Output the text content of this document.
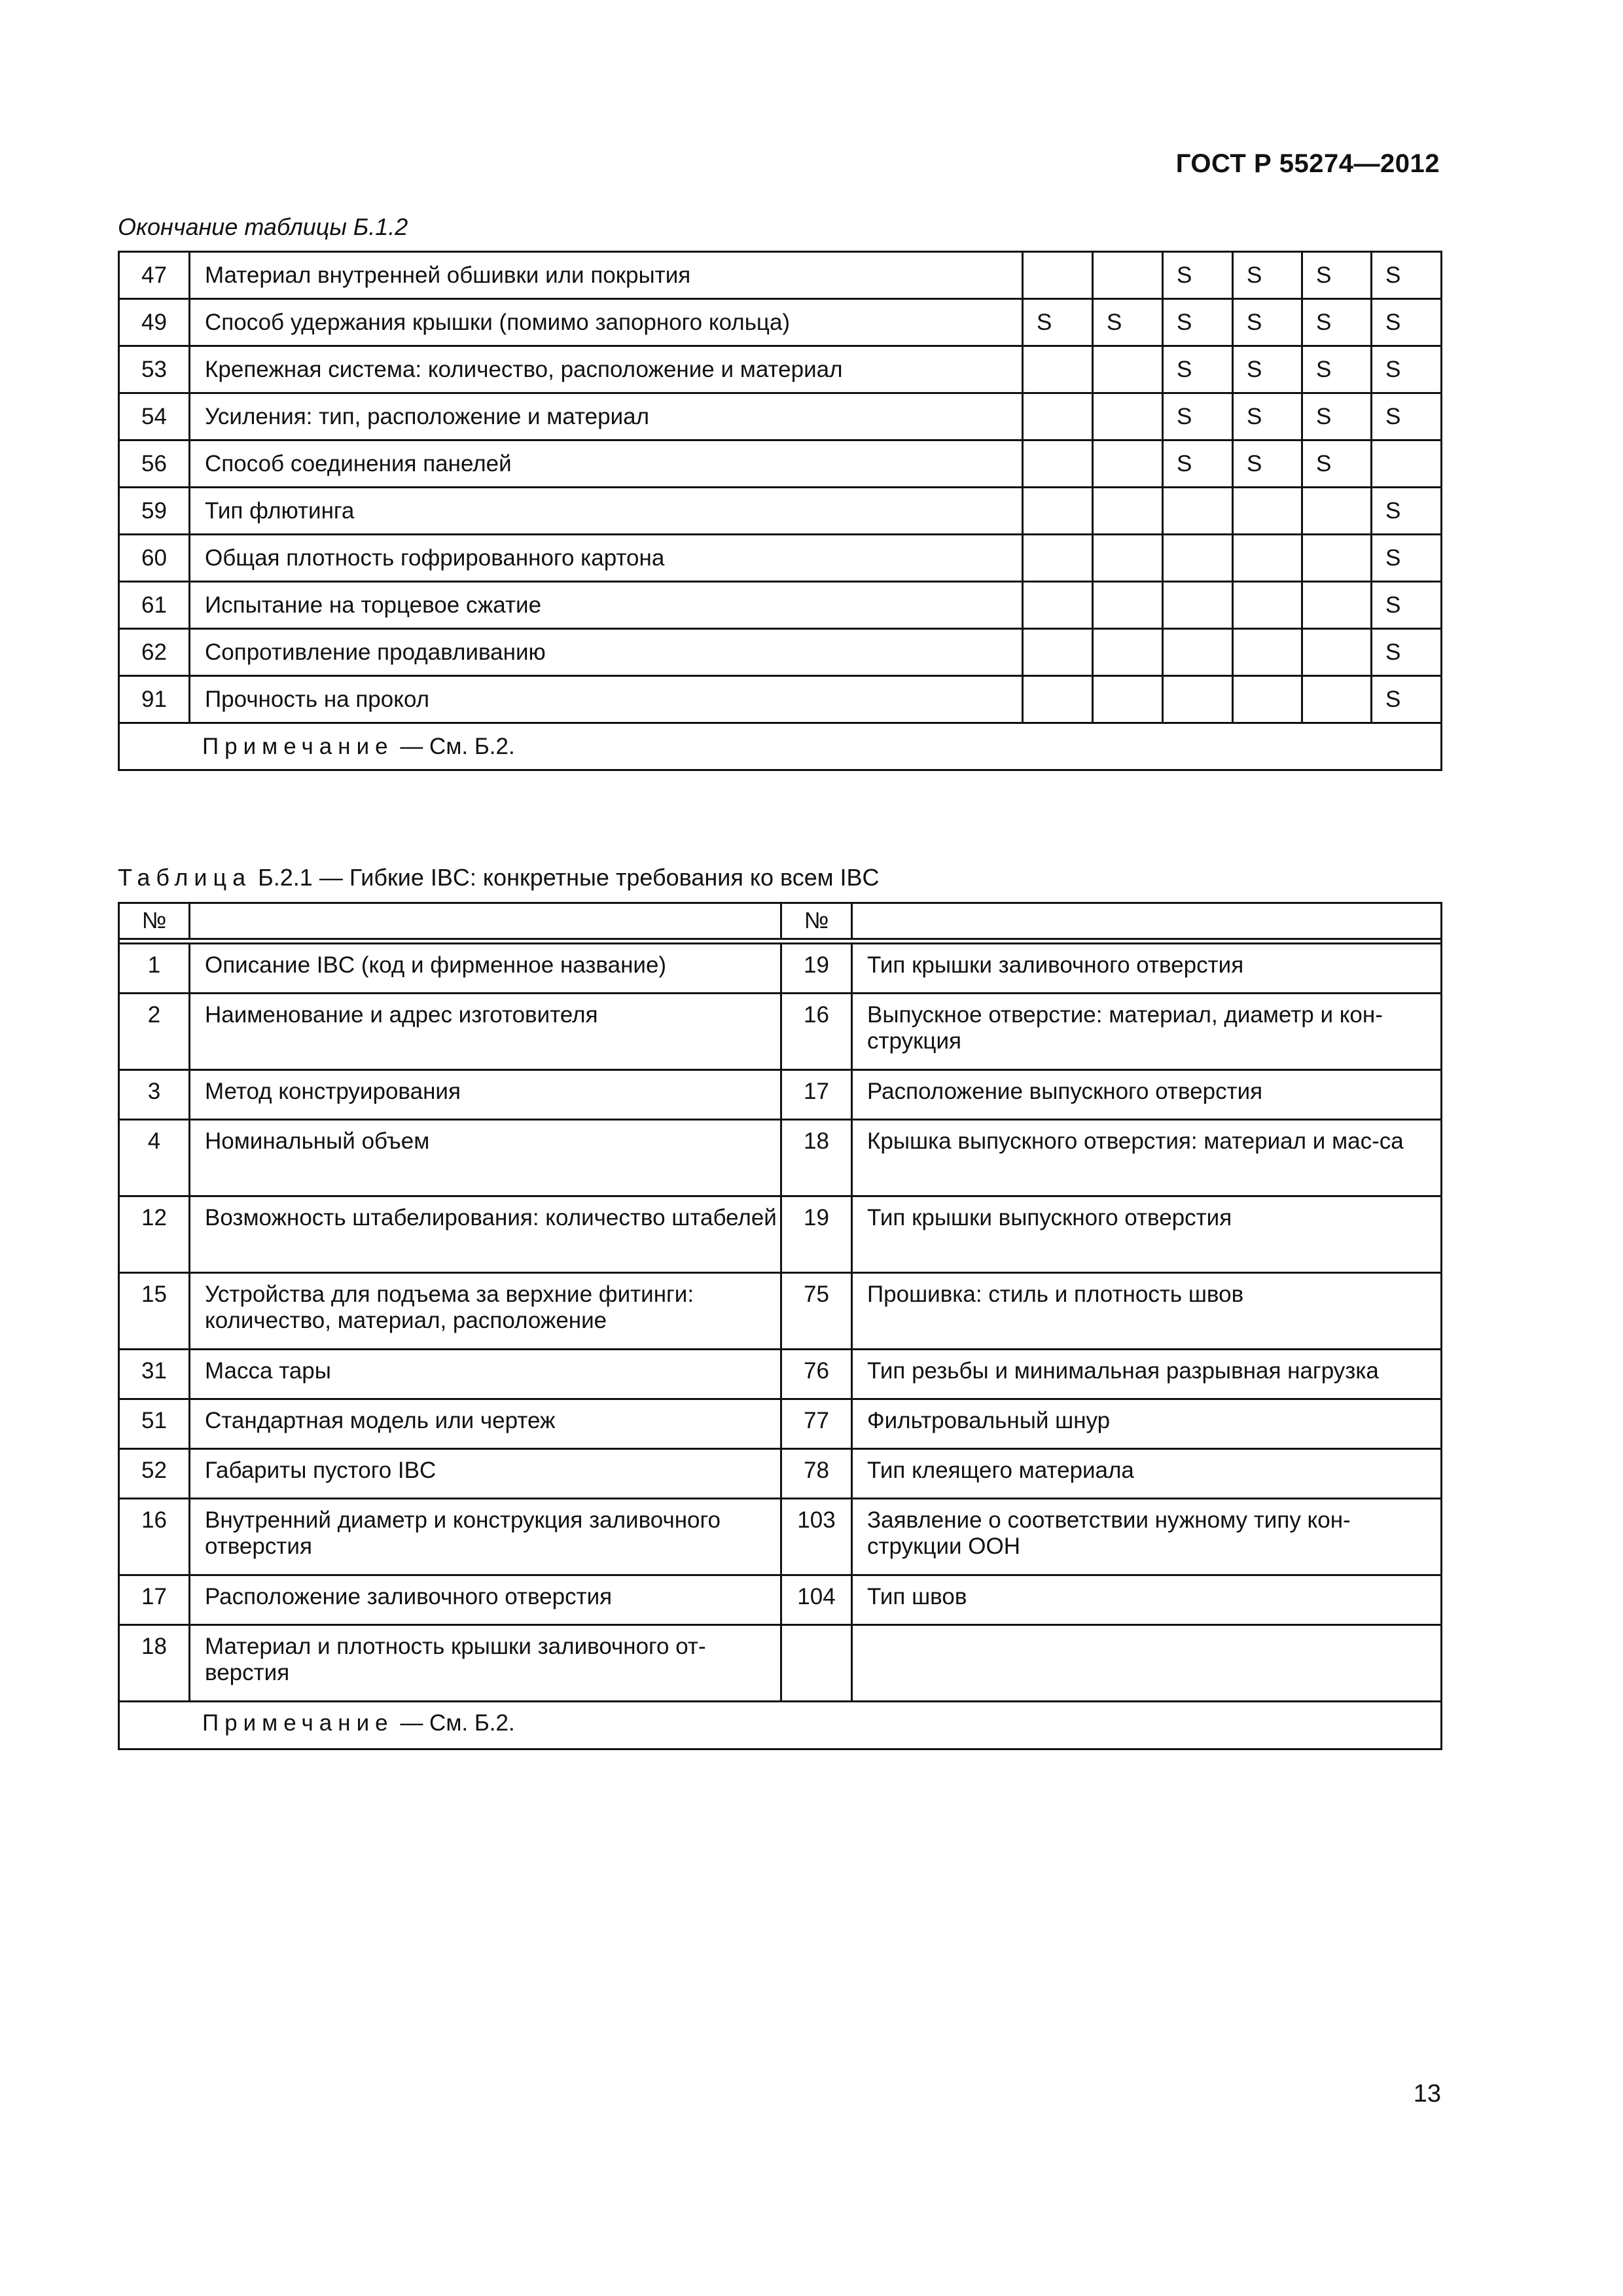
ГОСТ Р 55274—2012
Окончание таблицы Б.1.2
47	Материал внутренней обшивки или покрытия			S	S	S	S
49	Способ удержания крышки (помимо запорного кольца)	S	S	S	S	S	S
53	Крепежная система: количество, расположение и материал			S	S	S	S
54	Усиления: тип, расположение и материал			S	S	S	S
56	Способ соединения панелей			S	S	S	
59	Тип флютинга						S
60	Общая плотность гофрированного картона						S
61	Испытание на торцевое сжатие						S
62	Сопротивление продавливанию						S
91	Прочность на прокол						S
Примечание — См. Б.2.							
Таблица Б.2.1 — Гибкие IBC: конкретные требования ко всем IBC
№		№	

1	Описание IBC (код и фирменное название)	19	Тип крышки заливочного отверстия
2	Наименование и адрес изготовителя	16	Выпускное отверстие: материал, диаметр и кон-струкция
3	Метод конструирования	17	Расположение выпускного отверстия
4	Номинальный объем	18	Крышка выпускного отверстия: материал и мас-са
12	Возможность штабелирования: количество штабелей	19	Тип крышки выпускного отверстия
15	Устройства для подъема за верхние фитинги: количество, материал, расположение	75	Прошивка: стиль и плотность швов
31	Масса тары	76	Тип резьбы и минимальная разрывная нагрузка
51	Стандартная модель или чертеж	77	Фильтровальный шнур
52	Габариты пустого IBC	78	Тип клеящего материала
16	Внутренний диаметр и конструкция заливочного отверстия	103	Заявление о соответствии нужному типу кон-струкции ООН
17	Расположение заливочного отверстия	104	Тип швов
18	Материал и плотность крышки заливочного от-верстия		
Примечание — См. Б.2.			
13
